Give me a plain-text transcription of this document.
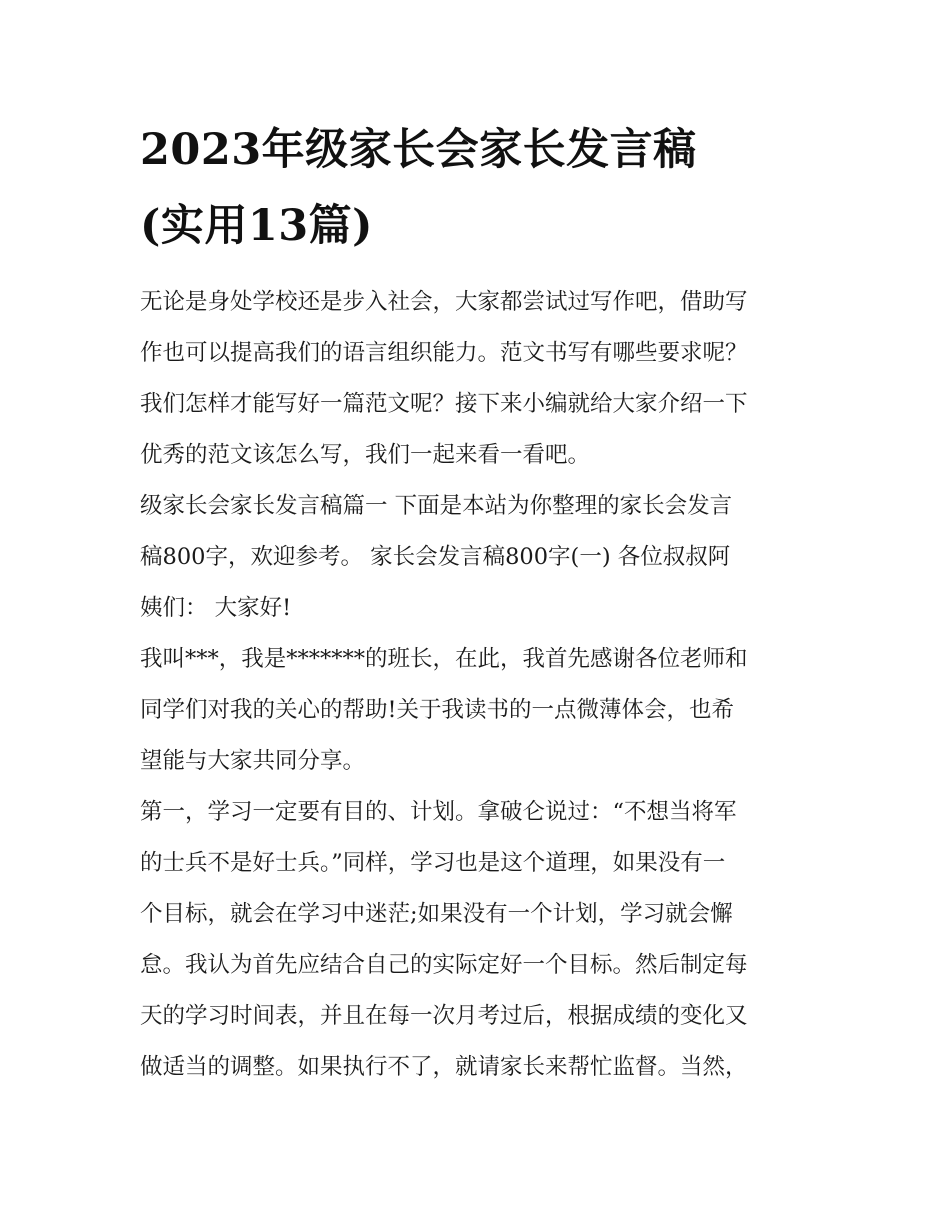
2023年级家长会家长发言稿
(实用13篇)

无论是身处学校还是步入社会，大家都尝试过写作吧，借助写
作也可以提高我们的语言组织能力。范文书写有哪些要求呢？
我们怎样才能写好一篇范文呢？接下来小编就给大家介绍一下
优秀的范文该怎么写，我们一起来看一看吧。

级家长会家长发言稿篇一 下面是本站为你整理的家长会发言
稿800字，欢迎参考。 家长会发言稿800字(一) 各位叔叔阿
姨们： 大家好!

我叫***，我是*******的班长，在此，我首先感谢各位老师和
同学们对我的关心的帮助!关于我读书的一点微薄体会，也希
望能与大家共同分享。

第一，学习一定要有目的、计划。拿破仑说过：“不想当将军
的士兵不是好士兵。”同样，学习也是这个道理，如果没有一
个目标，就会在学习中迷茫;如果没有一个计划，学习就会懈
怠。我认为首先应结合自己的实际定好一个目标。然后制定每
天的学习时间表，并且在每一次月考过后，根据成绩的变化又
做适当的调整。如果执行不了，就请家长来帮忙监督。当然，
